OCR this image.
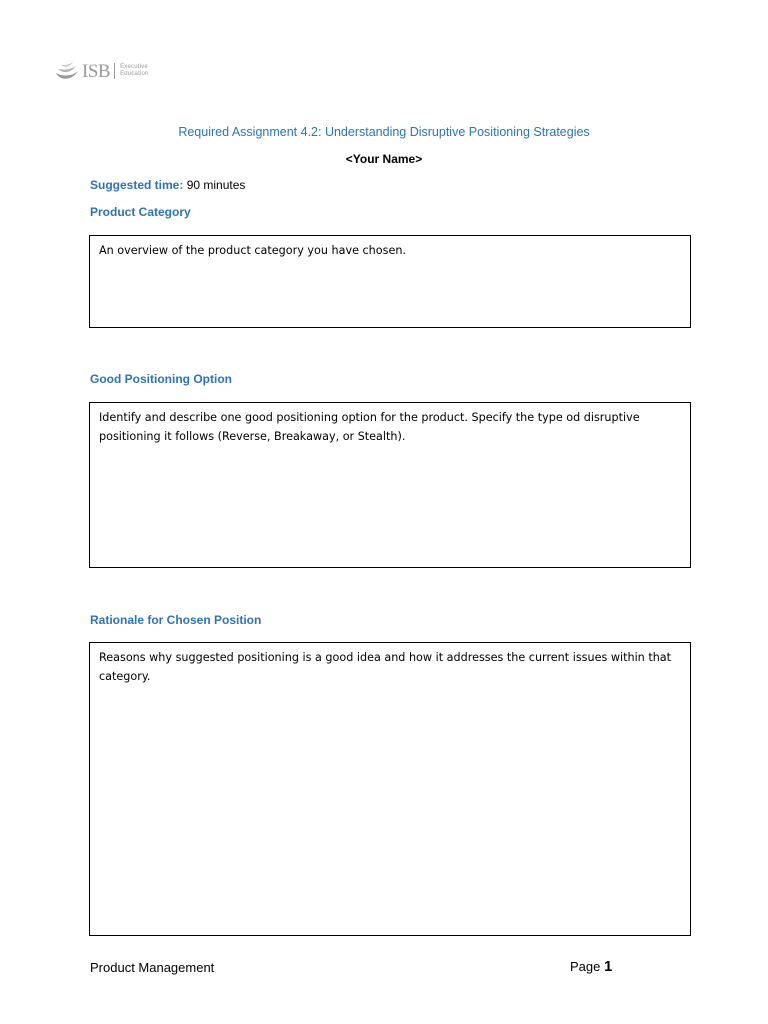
ISB Executive
Education
Required Assignment 4.2: Understanding Disruptive Positioning Strategies
<Your Name>
Suggested time: 90 minutes
Product Category
An overview of the product category you have chosen.
Good Positioning Option
Identify and describe one good positioning option for the product. Specify the type od disruptive positioning it follows (Reverse, Breakaway, or Stealth).
Rationale for Chosen Position
Reasons why suggested positioning is a good idea and how it addresses the current issues within that category.
Product Management	Page 1
